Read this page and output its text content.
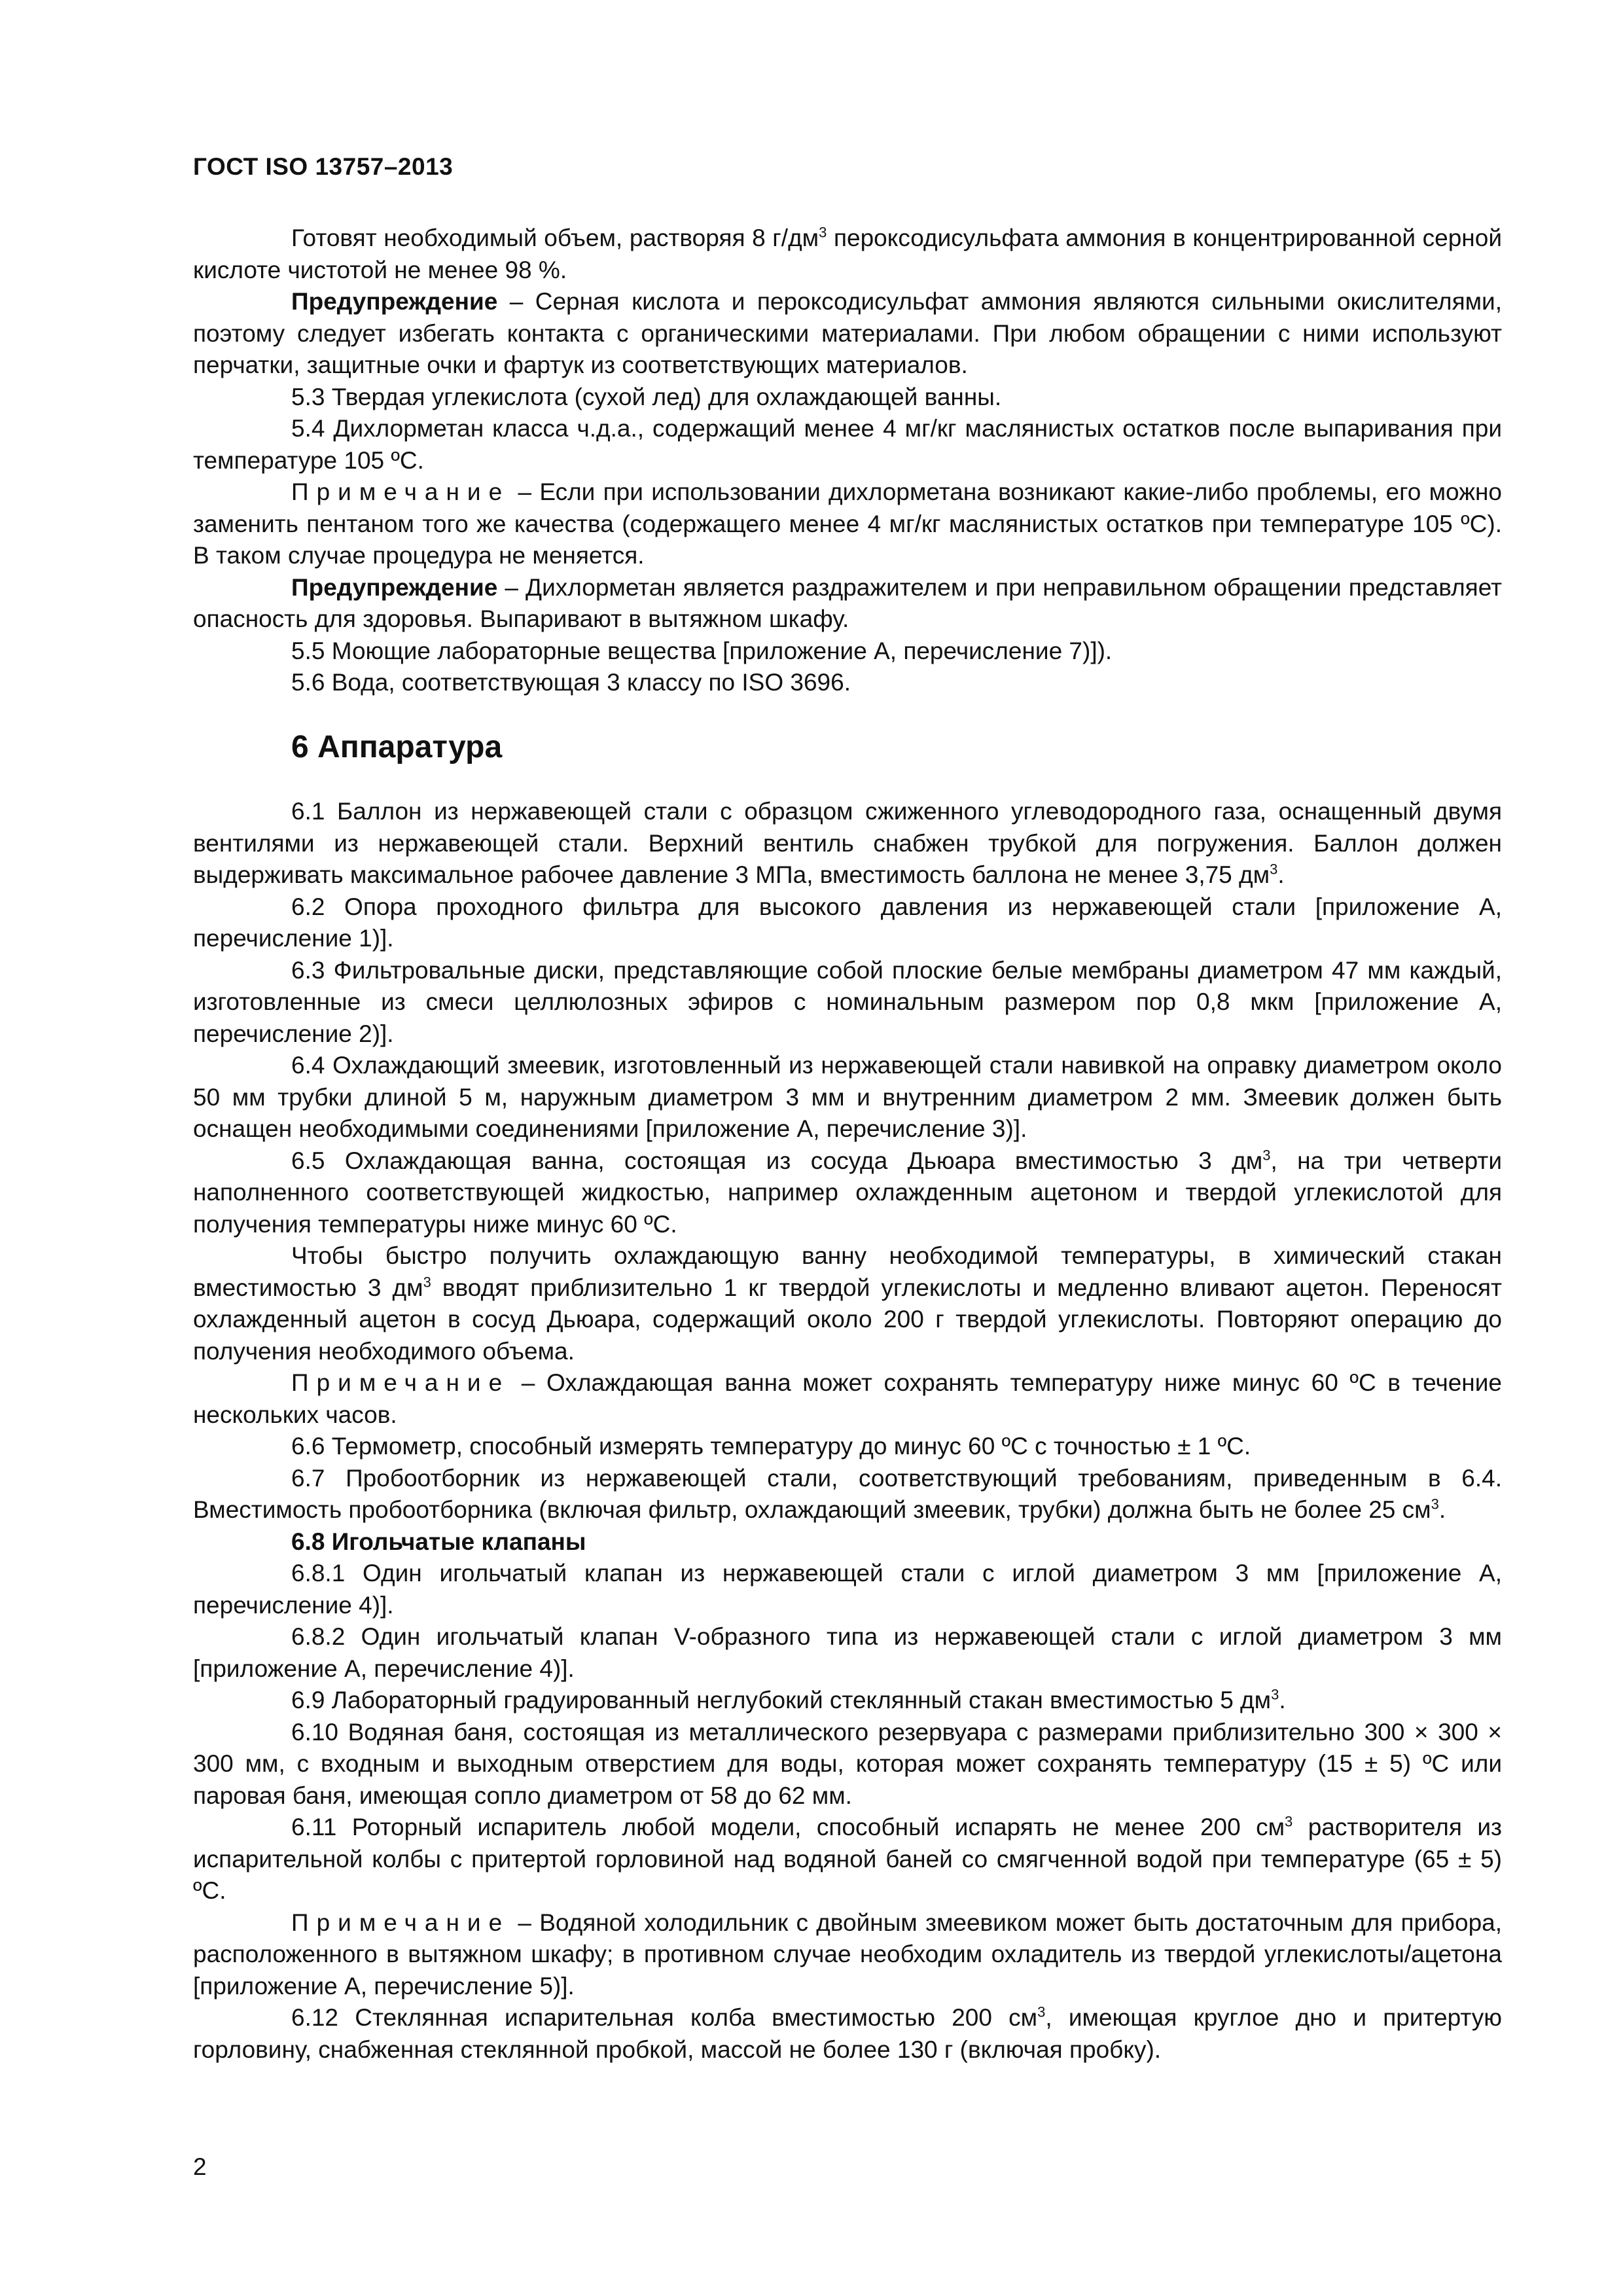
ГОСТ ISO 13757–2013

Готовят необходимый объем, растворяя 8 $г/дм^3$ пероксодисульфата аммония в концентрированной серной кислоте чистотой не менее 98 %.

Предупреждение – Серная кислота и пероксодисульфат аммония являются сильными окислителями, поэтому следует избегать контакта с органическими материалами. При любом обращении с ними используют перчатки, защитные очки и фартук из соответствующих материалов.

5.3 Твердая углекислота (сухой лед) для охлаждающей ванны.

5.4 Дихлорметан класса ч.д.а., содержащий менее 4 мг/кг маслянистых остатков после выпаривания при температуре 105 ºС.

Примечание – Если при использовании дихлорметана возникают какие-либо проблемы, его можно заменить пентаном того же качества (содержащего менее 4 мг/кг маслянистых остатков при температуре 105 ºС). В таком случае процедура не меняется.

Предупреждение – Дихлорметан является раздражителем и при неправильном обращении представляет опасность для здоровья. Выпаривают в вытяжном шкафу.

5.5 Моющие лабораторные вещества [приложение А, перечисление 7)]).

5.6 Вода, соответствующая 3 классу по ISO 3696.

6 Аппаратура

6.1 Баллон из нержавеющей стали с образцом сжиженного углеводородного газа, оснащенный двумя вентилями из нержавеющей стали. Верхний вентиль снабжен трубкой для погружения. Баллон должен выдерживать максимальное рабочее давление 3 МПа, вместимость баллона не менее 3,75 $дм^3$.

6.2 Опора проходного фильтра для высокого давления из нержавеющей стали [приложение А, перечисление 1)].

6.3 Фильтровальные диски, представляющие собой плоские белые мембраны диаметром 47 мм каждый, изготовленные из смеси целлюлозных эфиров с номинальным размером пор 0,8 мкм [приложение А, перечисление 2)].

6.4 Охлаждающий змеевик, изготовленный из нержавеющей стали навивкой на оправку диаметром около 50 мм трубки длиной 5 м, наружным диаметром 3 мм и внутренним диаметром 2 мм. Змеевик должен быть оснащен необходимыми соединениями [приложение А, перечисление 3)].

6.5 Охлаждающая ванна, состоящая из сосуда Дьюара вместимостью 3 $дм^3$, на три четверти наполненного соответствующей жидкостью, например охлажденным ацетоном и твердой углекислотой для получения температуры ниже минус 60 ºС.

Чтобы быстро получить охлаждающую ванну необходимой температуры, в химический стакан вместимостью 3 $дм^3$ вводят приблизительно 1 кг твердой углекислоты и медленно вливают ацетон. Переносят охлажденный ацетон в сосуд Дьюара, содержащий около 200 г твердой углекислоты. Повторяют операцию до получения необходимого объема.

Примечание – Охлаждающая ванна может сохранять температуру ниже минус 60 ºС в течение нескольких часов.

6.6 Термометр, способный измерять температуру до минус 60 ºС с точностью ± 1 ºС.

6.7 Пробоотборник из нержавеющей стали, соответствующий требованиям, приведенным в 6.4. Вместимость пробоотборника (включая фильтр, охлаждающий змеевик, трубки) должна быть не более 25 $см^3$.

6.8 Игольчатые клапаны

6.8.1 Один игольчатый клапан из нержавеющей стали с иглой диаметром 3 мм [приложение А, перечисление 4)].

6.8.2 Один игольчатый клапан V-образного типа из нержавеющей стали с иглой диаметром 3 мм [приложение А, перечисление 4)].

6.9 Лабораторный градуированный неглубокий стеклянный стакан вместимостью 5 $дм^3$.

6.10 Водяная баня, состоящая из металлического резервуара с размерами приблизительно 300 × 300 × 300 мм, с входным и выходным отверстием для воды, которая может сохранять температуру (15 ± 5) ºС или паровая баня, имеющая сопло диаметром от 58 до 62 мм.

6.11 Роторный испаритель любой модели, способный испарять не менее 200 $см^3$ растворителя из испарительной колбы с притертой горловиной над водяной баней со смягченной водой при температуре (65 ± 5) ºС.

Примечание – Водяной холодильник с двойным змеевиком может быть достаточным для прибора, расположенного в вытяжном шкафу; в противном случае необходим охладитель из твердой углекислоты/ацетона [приложение А, перечисление 5)].

6.12 Стеклянная испарительная колба вместимостью 200 $см^3$, имеющая круглое дно и притертую горловину, снабженная стеклянной пробкой, массой не более 130 г (включая пробку).

2
